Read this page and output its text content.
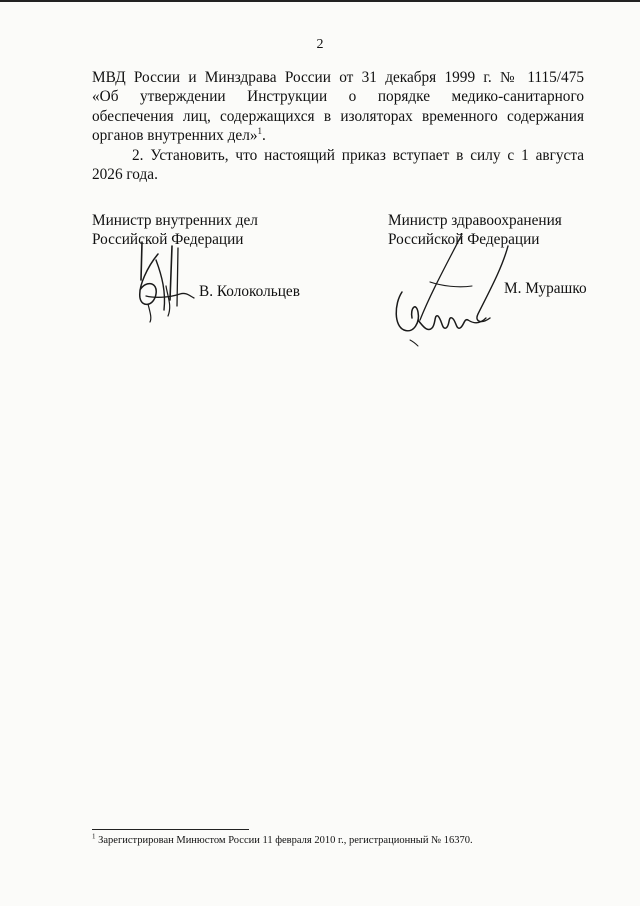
2

МВД России и Минздрава России от 31 декабря 1999 г. № 1115/475
«Об утверждении Инструкции о порядке медико-санитарного
обеспечения лиц, содержащихся в изоляторах временного содержания
органов внутренних дел»$^1$.

2. Установить, что настоящий приказ вступает в силу с 1 августа
2026 года.

Министр внутренних дел
Российской Федерации
В. Колокольцев
Министр здравоохранения
Российской Федерации
М. Мурашко
$^1$ Зарегистрирован Минюстом России 11 февраля 2010 г., регистрационный № 16370.
